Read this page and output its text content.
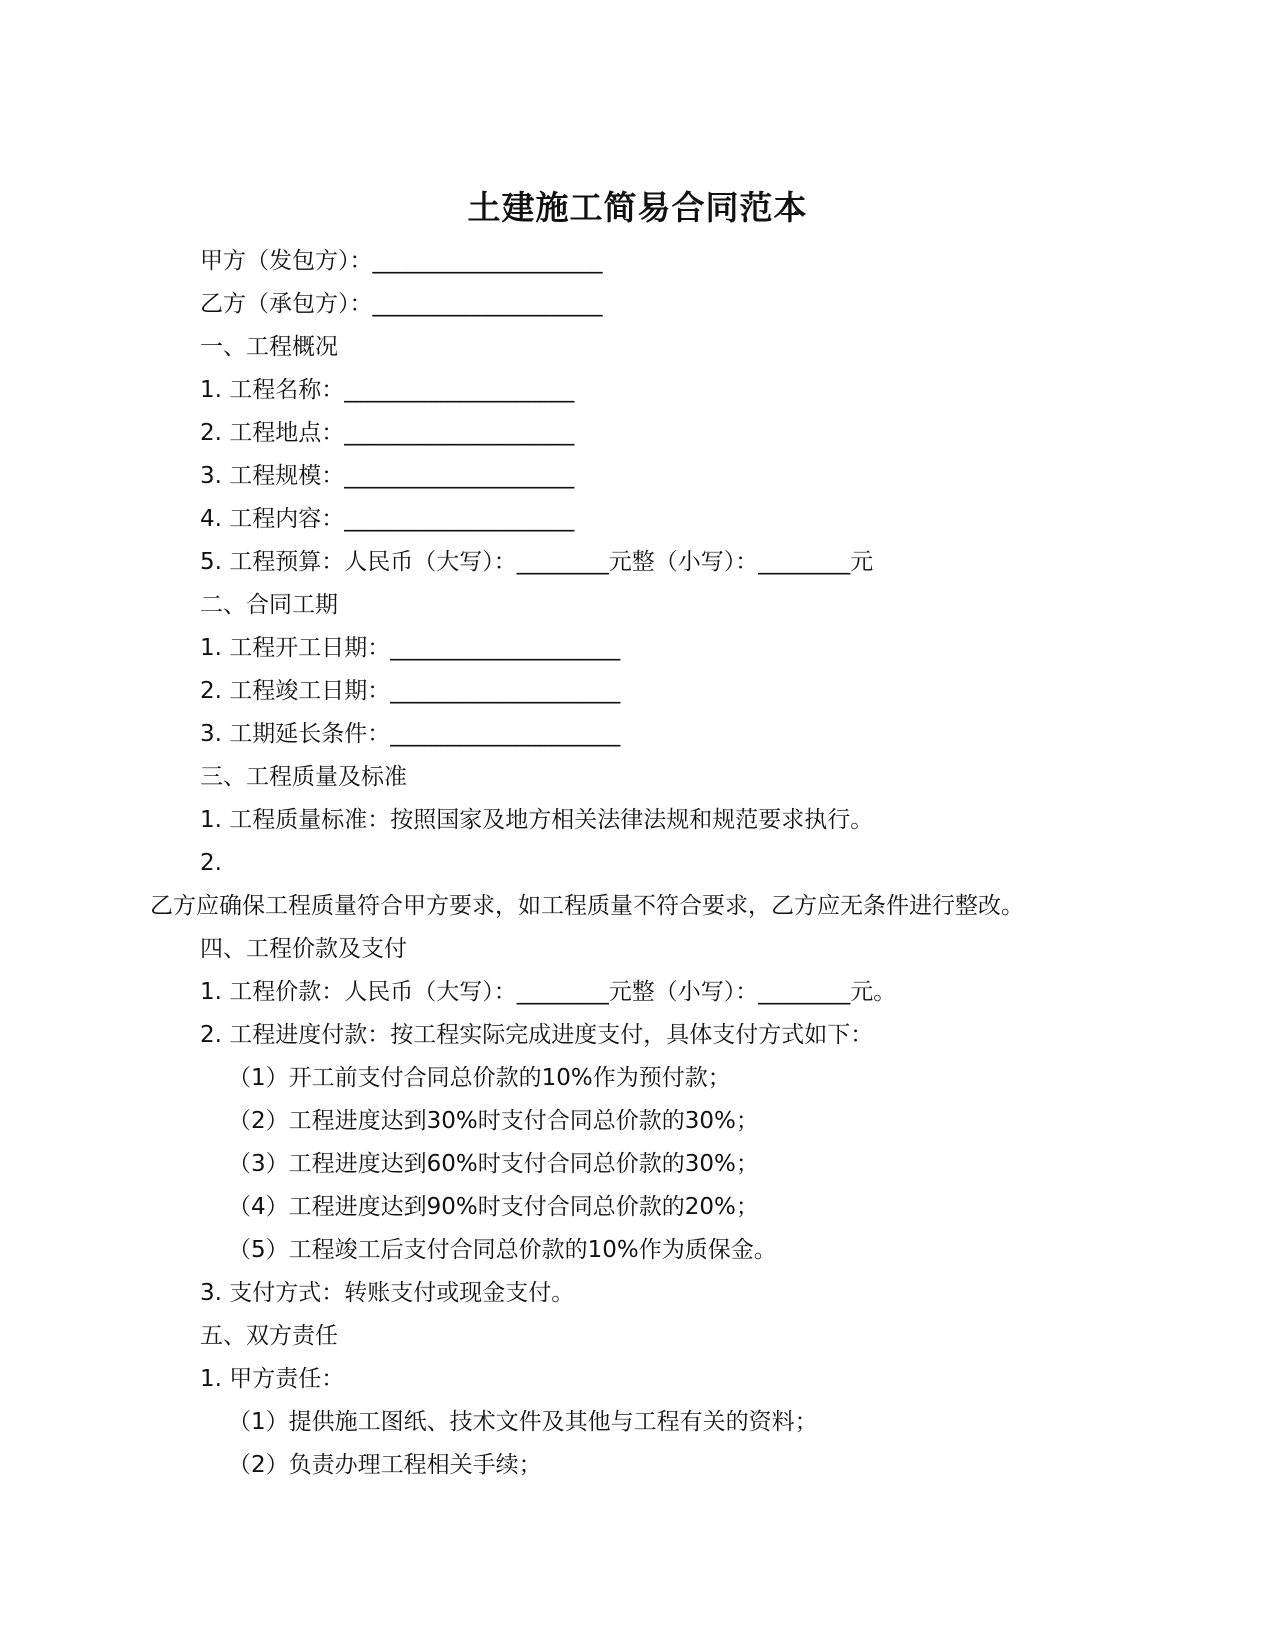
土建施工简易合同范本
甲方（发包方）：____________________
乙方（承包方）：____________________
一、工程概况
1. 工程名称：____________________
2. 工程地点：____________________
3. 工程规模：____________________
4. 工程内容：____________________
5. 工程预算：人民币（大写）：________元整（小写）：________元
二、合同工期
1. 工程开工日期：____________________
2. 工程竣工日期：____________________
3. 工期延长条件：____________________
三、工程质量及标准
1. 工程质量标准：按照国家及地方相关法律法规和规范要求执行。
2.
乙方应确保工程质量符合甲方要求，如工程质量不符合要求，乙方应无条件进行整改。
四、工程价款及支付
1. 工程价款：人民币（大写）：________元整（小写）：________元。
2. 工程进度付款：按工程实际完成进度支付，具体支付方式如下：
（1）开工前支付合同总价款的10%作为预付款；
（2）工程进度达到30%时支付合同总价款的30%；
（3）工程进度达到60%时支付合同总价款的30%；
（4）工程进度达到90%时支付合同总价款的20%；
（5）工程竣工后支付合同总价款的10%作为质保金。
3. 支付方式：转账支付或现金支付。
五、双方责任
1. 甲方责任：
（1）提供施工图纸、技术文件及其他与工程有关的资料；
（2）负责办理工程相关手续；
